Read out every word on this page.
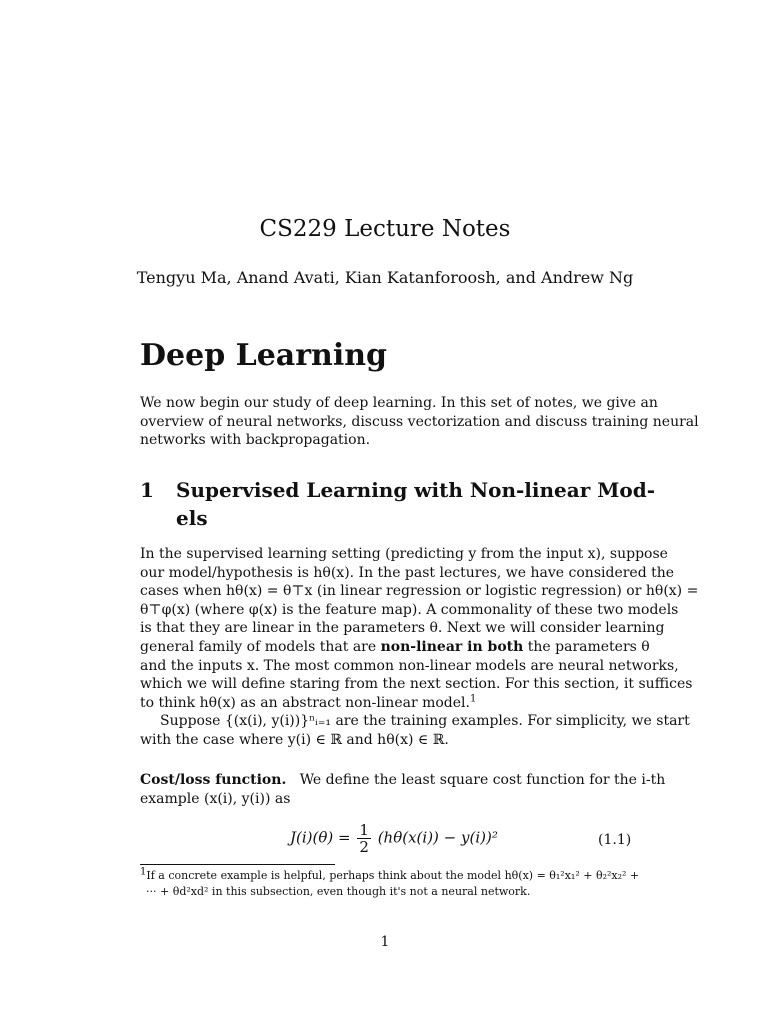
CS229 Lecture Notes
Tengyu Ma, Anand Avati, Kian Katanforoosh, and Andrew Ng
Deep Learning
We now begin our study of deep learning. In this set of notes, we give an
overview of neural networks, discuss vectorization and discuss training neural
networks with backpropagation.
1 Supervised Learning with Non-linear Mod-
els
In the supervised learning setting (predicting y from the input x), suppose
our model/hypothesis is hθ(x). In the past lectures, we have considered the
cases when hθ(x) = θ⊤x (in linear regression or logistic regression) or hθ(x) =
θ⊤φ(x) (where φ(x) is the feature map). A commonality of these two models
is that they are linear in the parameters θ. Next we will consider learning
general family of models that are non-linear in both the parameters θ
and the inputs x. The most common non-linear models are neural networks,
which we will define staring from the next section. For this section, it suffices
to think hθ(x) as an abstract non-linear model.$^1$
Suppose {(x(i), y(i))}ⁿᵢ₌₁ are the training examples. For simplicity, we start
with the case where y(i) ∈ ℝ and hθ(x) ∈ ℝ.
Cost/loss function. We define the least square cost function for the i-th
example (x(i), y(i)) as
$J(i)(\theta) = \frac{1}{2} (h\theta(x(i)) - y(i))^2$	(1.1)
$^1$If a concrete example is helpful, perhaps think about the model hθ(x) = θ₁²x₁² + θ₂²x₂² +
··· + θd²xd² in this subsection, even though it's not a neural network.
1
